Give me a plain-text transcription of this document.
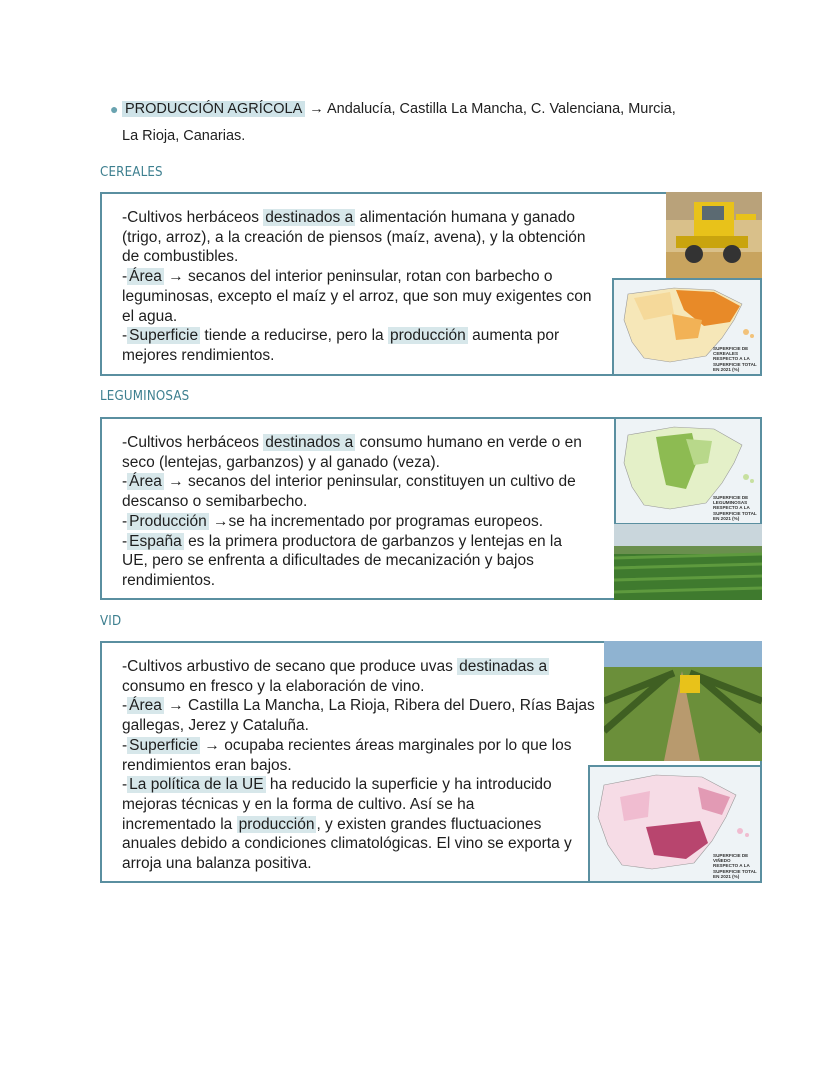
● PRODUCCIÓN AGRÍCOLA → Andalucía, Castilla La Mancha, C. Valenciana, Murcia,
La Rioja, Canarias.
CEREALES

-Cultivos herbáceos destinados a alimentación humana y ganado (trigo, arroz), a la creación de piensos (maíz, avena), y la obtención de combustibles.

- Área → secanos del interior peninsular, rotan con barbecho o leguminosas, excepto el maíz y el arroz, que son muy exigentes con el agua.

- Superficie tiende a reducirse, pero la producción aumenta por mejores rendimientos.	SUPERFICIE DE CEREALES RESPECTO A LA SUPERFICIE TOTAL EN 2021 (%)
LEGUMINOSAS

-Cultivos herbáceos destinados a consumo humano en verde o en seco (lentejas, garbanzos) y al ganado (veza).

- Área → secanos del interior peninsular, constituyen un cultivo de descanso o semibarbecho.

- Producción →se ha incrementado por programas europeos.

- España es la primera productora de garbanzos y lentejas en la UE, pero se enfrenta a dificultades de mecanización y bajos rendimientos.

SUPERFICIE DE LEGUMINOSAS RESPECTO A LA SUPERFICIE TOTAL EN 2021 (%)
VID

-Cultivos arbustivo de secano que produce uvas destinadas a consumo en fresco y la elaboración de vino.

- Área → Castilla La Mancha, La Rioja, Ribera del Duero, Rías Bajas gallegas, Jerez y Cataluña.

- Superficie → ocupaba recientes áreas marginales por lo que los rendimientos eran bajos.

- La política de la UE ha reducido la superficie y ha introducido mejoras técnicas y en la forma de cultivo. Así se ha incrementado la producción , y existen grandes fluctuaciones anuales debido a condiciones climatológicas. El vino se exporta y arroja una balanza positiva.	SUPERFICIE DE VIÑEDO RESPECTO A LA SUPERFICIE TOTAL EN 2021 (%)
